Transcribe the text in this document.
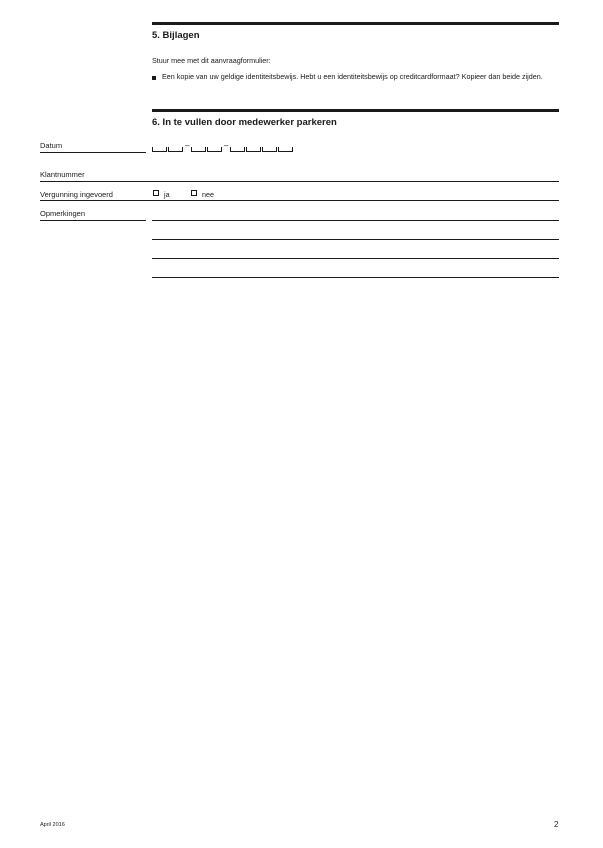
5. Bijlagen
Stuur mee met dit aanvraagformulier:
Een kopie van uw geldige identiteitsbewijs. Hebt u een identiteitsbewijs op creditcardformaat? Kopieer dan beide zijden.
6. In te vullen door medewerker parkeren
Datum	–	–
Klantnummer
Vergunning ingevoerd	ja	nee
Opmerkingen
April 2016	2
